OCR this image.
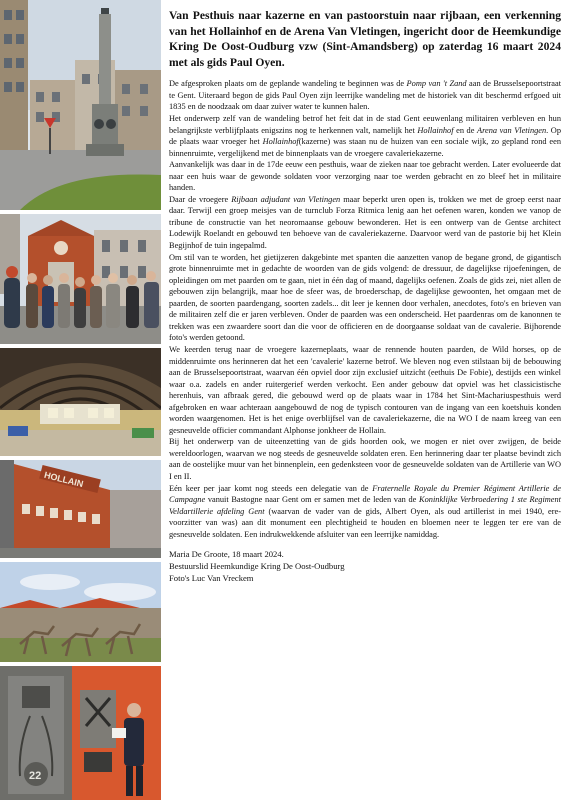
HOLLAIN
22

Van Pesthuis naar kazerne en van pastoorstuin naar rijbaan, een verkenning van het Hollainhof en de Arena Van Vletingen, ingericht door de Heemkundige Kring De Oost-Oudburg vzw (Sint-Amandsberg) op zaterdag 16 maart 2024 met als gids Paul Oyen.

De afgesproken plaats om de geplande wandeling te beginnen was de Pomp van 't Zand aan de Brusselsepoortstraat te Gent. Uiteraard begon de gids Paul Oyen zijn leerrijke wandeling met de historiek van dit beschermd erfgoed uit 1835 en de noodzaak om daar zuiver water te kunnen halen.

Het onderwerp zelf van de wandeling betrof het feit dat in de stad Gent eeuwenlang militairen verbleven en hun belangrijkste verblijfplaats enigszins nog te herkennen valt, namelijk het Hollainhof en de Arena van Vletingen. Op de plaats waar vroeger het Hollainhof(kazerne) was staan nu de huizen van een sociale wijk, zo gepland rond een binnenruimte, vergelijkend met de binnenplaats van de vroegere cavaleriekazerne.

Aanvankelijk was daar in de 17de eeuw een pesthuis, waar de zieken naar toe gebracht werden. Later evolueerde dat naar een huis waar de gewonde soldaten voor verzorging naar toe werden gebracht en zo bleef het in militaire handen.

Daar de vroegere Rijbaan adjudant van Vletingen maar beperkt uren open is, trokken we met de groep eerst naar daar. Terwijl een groep meisjes van de turnclub Forza Ritmica lenig aan het oefenen waren, konden we vanop de tribune de constructie van het neoromaanse gebouw bewonderen. Het is een ontwerp van de Gentse architect Lodewijk Roelandt en gebouwd ten behoeve van de cavaleriekazerne. Daarvoor werd van de pastorie bij het Klein Begijnhof de tuin ingepalmd.

Om stil van te worden, het gietijzeren dakgebinte met spanten die aanzetten vanop de begane grond, de gigantisch grote binnenruimte met in gedachte de woorden van de gids volgend: de dressuur, de dagelijkse rijoefeningen, de opleidingen om met paarden om te gaan, niet in één dag of maand, dagelijks oefenen. Zoals de gids zei, niet allen de gebouwen zijn belangrijk, maar hoe de sfeer was, de broederschap, de dagelijkse gewoonten, het omgaan met de paarden, de soorten paardengang, soorten zadels... dit leer je kennen door verhalen, anecdotes, foto's en brieven van de militairen zelf die er jaren verbleven. Onder de paarden was een onderscheid. Het paardenras om de kanonnen te trekken was een zwaardere soort dan die voor de officieren en de doorgaanse soldaat van de cavalerie. Bijhorende foto's werden getoond.

We keerden terug naar de vroegere kazerneplaats, waar de rennende houten paarden, de Wild horses, op de middenruimte ons herinneren dat het een 'cavalerie' kazerne betrof. We bleven nog even stilstaan bij de bebouwing aan de Brusselsepoortstraat, waarvan één opviel door zijn exclusief uitzicht (eethuis De Fobie), destijds een winkel waar o.a. zadels en ander ruitergerief werden verkocht. Een ander gebouw dat opviel was het classicistische herenhuis, van afbraak gered, die gebouwd werd op de plaats waar in 1784 het Sint-Machariuspesthuis werd afgebroken en waar achteraan aangebouwd de nog de typisch contouren van de ingang van een koetshuis konden worden waargenomen. Het is het enige overblijfsel van de cavaleriekazerne, die na WO I de naam kreeg van een gesneuvelde officier commandant Alphonse jonkheer de Hollain.

Bij het onderwerp van de uiteenzetting van de gids hoorden ook, we mogen er niet over zwijgen, de beide wereldoorlogen, waarvan we nog steeds de gesneuvelde soldaten eren. Een herinnering daar ter plaatse bevindt zich aan de oostelijke muur van het binnenplein, een gedenksteen voor de gesneuvelde soldaten van de Artillerie van WO I en II.

Eén keer per jaar komt nog steeds een delegatie van de Fraternelle Royale du Premier Régiment Artillerie de Campagne vanuit Bastogne naar Gent om er samen met de leden van de Koninklijke Verbroedering 1 ste Regiment Veldartillerie afdeling Gent (waarvan de vader van de gids, Albert Oyen, als oud artillerist in mei 1940, ere-voorzitter van was) aan dit monument een plechtigheid te houden en bloemen neer te leggen ter ere van de gesneuvelde soldaten. Een indrukwekkende afsluiter van een leerrijke namiddag.

Maria De Groote, 18 maart 2024.
Bestuurslid Heemkundige Kring De Oost-Oudburg
Foto's Luc Van Vreckem
